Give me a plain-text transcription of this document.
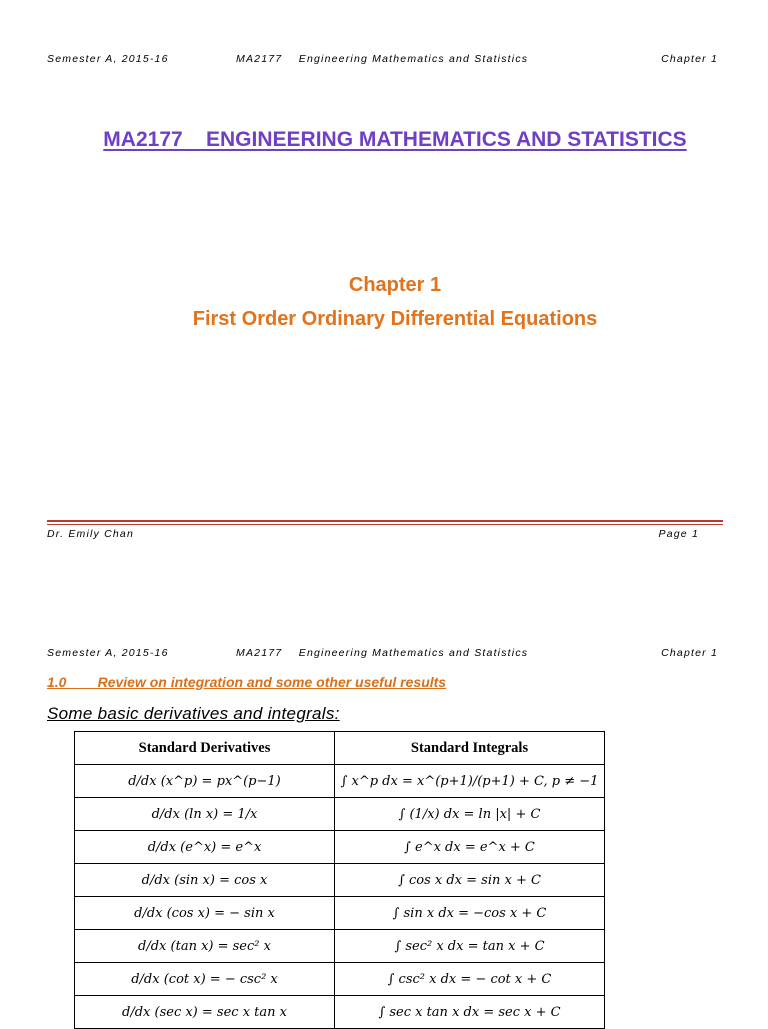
Semester A, 2015-16	MA2177    Engineering Mathematics and Statistics	Chapter 1
MA2177    ENGINEERING MATHEMATICS AND STATISTICS
Chapter 1
First Order Ordinary Differential Equations
Dr. Emily Chan	Page 1
Semester A, 2015-16	MA2177    Engineering Mathematics and Statistics	Chapter 1
1.0        Review on integration and some other useful results
Some basic derivatives and integrals:
Standard Derivatives	Standard Integrals
d/dx (x^p) = px^(p−1)	∫ x^p dx = x^(p+1)/(p+1) + C, p ≠ −1
d/dx (ln x) = 1/x	∫ (1/x) dx = ln |x| + C
d/dx (e^x) = e^x	∫ e^x dx = e^x + C
d/dx (sin x) = cos x	∫ cos x dx = sin x + C
d/dx (cos x) = − sin x	∫ sin x dx = −cos x + C
d/dx (tan x) = sec² x	∫ sec² x dx = tan x + C
d/dx (cot x) = − csc² x	∫ csc² x dx = − cot x + C
d/dx (sec x) = sec x tan x	∫ sec x tan x dx = sec x + C
